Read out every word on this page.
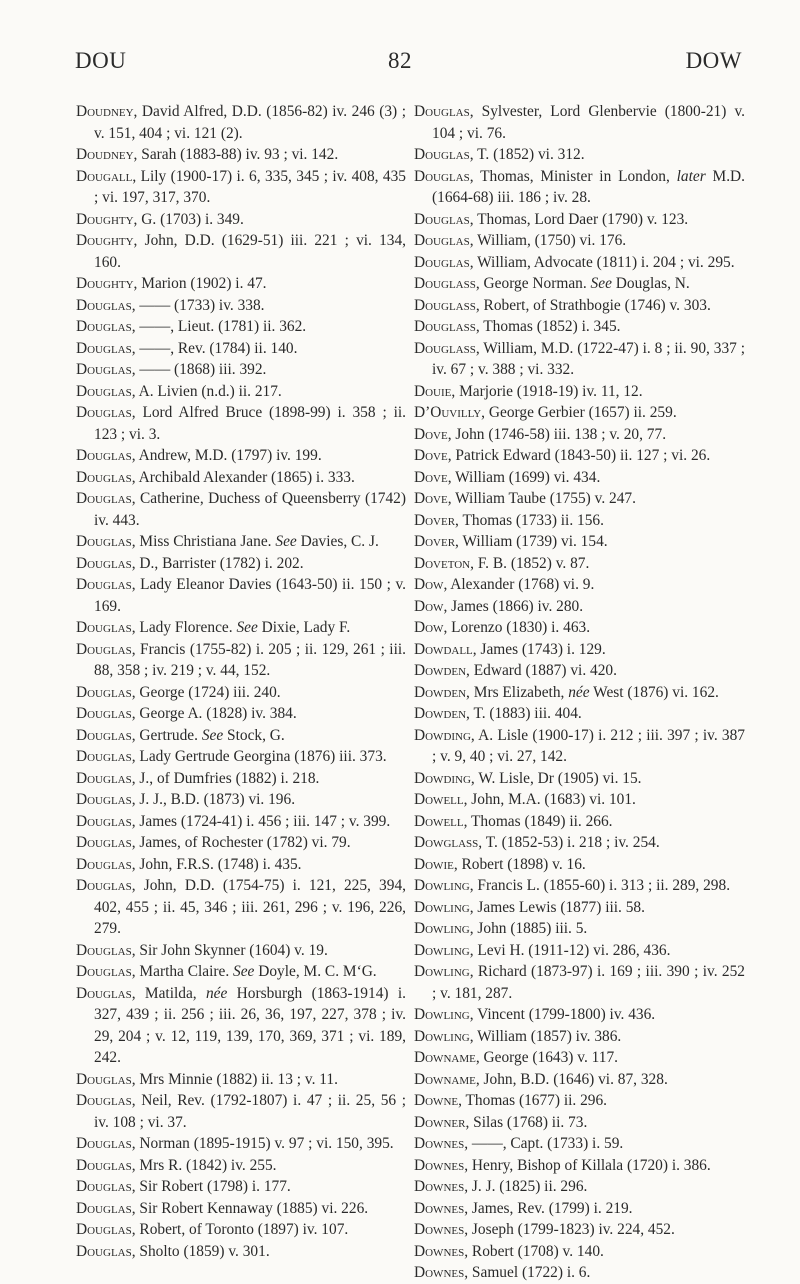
DOU	82	DOW
Doudney, David Alfred, D.D. (1856-82) iv. 246 (3) ; v. 151, 404 ; vi. 121 (2).
Doudney, Sarah (1883-88) iv. 93 ; vi. 142.
Dougall, Lily (1900-17) i. 6, 335, 345 ; iv. 408, 435 ; vi. 197, 317, 370.
Doughty, G. (1703) i. 349.
Doughty, John, D.D. (1629-51) iii. 221 ; vi. 134, 160.
Doughty, Marion (1902) i. 47.
Douglas, —— (1733) iv. 338.
Douglas, ——, Lieut. (1781) ii. 362.
Douglas, ——, Rev. (1784) ii. 140.
Douglas, —— (1868) iii. 392.
Douglas, A. Livien (n.d.) ii. 217.
Douglas, Lord Alfred Bruce (1898-99) i. 358 ; ii. 123 ; vi. 3.
Douglas, Andrew, M.D. (1797) iv. 199.
Douglas, Archibald Alexander (1865) i. 333.
Douglas, Catherine, Duchess of Queensberry (1742) iv. 443.
Douglas, Miss Christiana Jane. See Davies, C. J.
Douglas, D., Barrister (1782) i. 202.
Douglas, Lady Eleanor Davies (1643-50) ii. 150 ; v. 169.
Douglas, Lady Florence. See Dixie, Lady F.
Douglas, Francis (1755-82) i. 205 ; ii. 129, 261 ; iii. 88, 358 ; iv. 219 ; v. 44, 152.
Douglas, George (1724) iii. 240.
Douglas, George A. (1828) iv. 384.
Douglas, Gertrude. See Stock, G.
Douglas, Lady Gertrude Georgina (1876) iii. 373.
Douglas, J., of Dumfries (1882) i. 218.
Douglas, J. J., B.D. (1873) vi. 196.
Douglas, James (1724-41) i. 456 ; iii. 147 ; v. 399.
Douglas, James, of Rochester (1782) vi. 79.
Douglas, John, F.R.S. (1748) i. 435.
Douglas, John, D.D. (1754-75) i. 121, 225, 394, 402, 455 ; ii. 45, 346 ; iii. 261, 296 ; v. 196, 226, 279.
Douglas, Sir John Skynner (1604) v. 19.
Douglas, Martha Claire. See Doyle, M. C. M‘G.
Douglas, Matilda, née Horsburgh (1863-1914) i. 327, 439 ; ii. 256 ; iii. 26, 36, 197, 227, 378 ; iv. 29, 204 ; v. 12, 119, 139, 170, 369, 371 ; vi. 189, 242.
Douglas, Mrs Minnie (1882) ii. 13 ; v. 11.
Douglas, Neil, Rev. (1792-1807) i. 47 ; ii. 25, 56 ; iv. 108 ; vi. 37.
Douglas, Norman (1895-1915) v. 97 ; vi. 150, 395.
Douglas, Mrs R. (1842) iv. 255.
Douglas, Sir Robert (1798) i. 177.
Douglas, Sir Robert Kennaway (1885) vi. 226.
Douglas, Robert, of Toronto (1897) iv. 107.
Douglas, Sholto (1859) v. 301.
Douglas, Sylvester, Lord Glenbervie (1800-21) v. 104 ; vi. 76.
Douglas, T. (1852) vi. 312.
Douglas, Thomas, Minister in London, later M.D. (1664-68) iii. 186 ; iv. 28.
Douglas, Thomas, Lord Daer (1790) v. 123.
Douglas, William, (1750) vi. 176.
Douglas, William, Advocate (1811) i. 204 ; vi. 295.
Douglass, George Norman. See Douglas, N.
Douglass, Robert, of Strathbogie (1746) v. 303.
Douglass, Thomas (1852) i. 345.
Douglass, William, M.D. (1722-47) i. 8 ; ii. 90, 337 ; iv. 67 ; v. 388 ; vi. 332.
Douie, Marjorie (1918-19) iv. 11, 12.
D’Ouvilly, George Gerbier (1657) ii. 259.
Dove, John (1746-58) iii. 138 ; v. 20, 77.
Dove, Patrick Edward (1843-50) ii. 127 ; vi. 26.
Dove, William (1699) vi. 434.
Dove, William Taube (1755) v. 247.
Dover, Thomas (1733) ii. 156.
Dover, William (1739) vi. 154.
Doveton, F. B. (1852) v. 87.
Dow, Alexander (1768) vi. 9.
Dow, James (1866) iv. 280.
Dow, Lorenzo (1830) i. 463.
Dowdall, James (1743) i. 129.
Dowden, Edward (1887) vi. 420.
Dowden, Mrs Elizabeth, née West (1876) vi. 162.
Dowden, T. (1883) iii. 404.
Dowding, A. Lisle (1900-17) i. 212 ; iii. 397 ; iv. 387 ; v. 9, 40 ; vi. 27, 142.
Dowding, W. Lisle, Dr (1905) vi. 15.
Dowell, John, M.A. (1683) vi. 101.
Dowell, Thomas (1849) ii. 266.
Dowglass, T. (1852-53) i. 218 ; iv. 254.
Dowie, Robert (1898) v. 16.
Dowling, Francis L. (1855-60) i. 313 ; ii. 289, 298.
Dowling, James Lewis (1877) iii. 58.
Dowling, John (1885) iii. 5.
Dowling, Levi H. (1911-12) vi. 286, 436.
Dowling, Richard (1873-97) i. 169 ; iii. 390 ; iv. 252 ; v. 181, 287.
Dowling, Vincent (1799-1800) iv. 436.
Dowling, William (1857) iv. 386.
Downame, George (1643) v. 117.
Downame, John, B.D. (1646) vi. 87, 328.
Downe, Thomas (1677) ii. 296.
Downer, Silas (1768) ii. 73.
Downes, ——, Capt. (1733) i. 59.
Downes, Henry, Bishop of Killala (1720) i. 386.
Downes, J. J. (1825) ii. 296.
Downes, James, Rev. (1799) i. 219.
Downes, Joseph (1799-1823) iv. 224, 452.
Downes, Robert (1708) v. 140.
Downes, Samuel (1722) i. 6.
